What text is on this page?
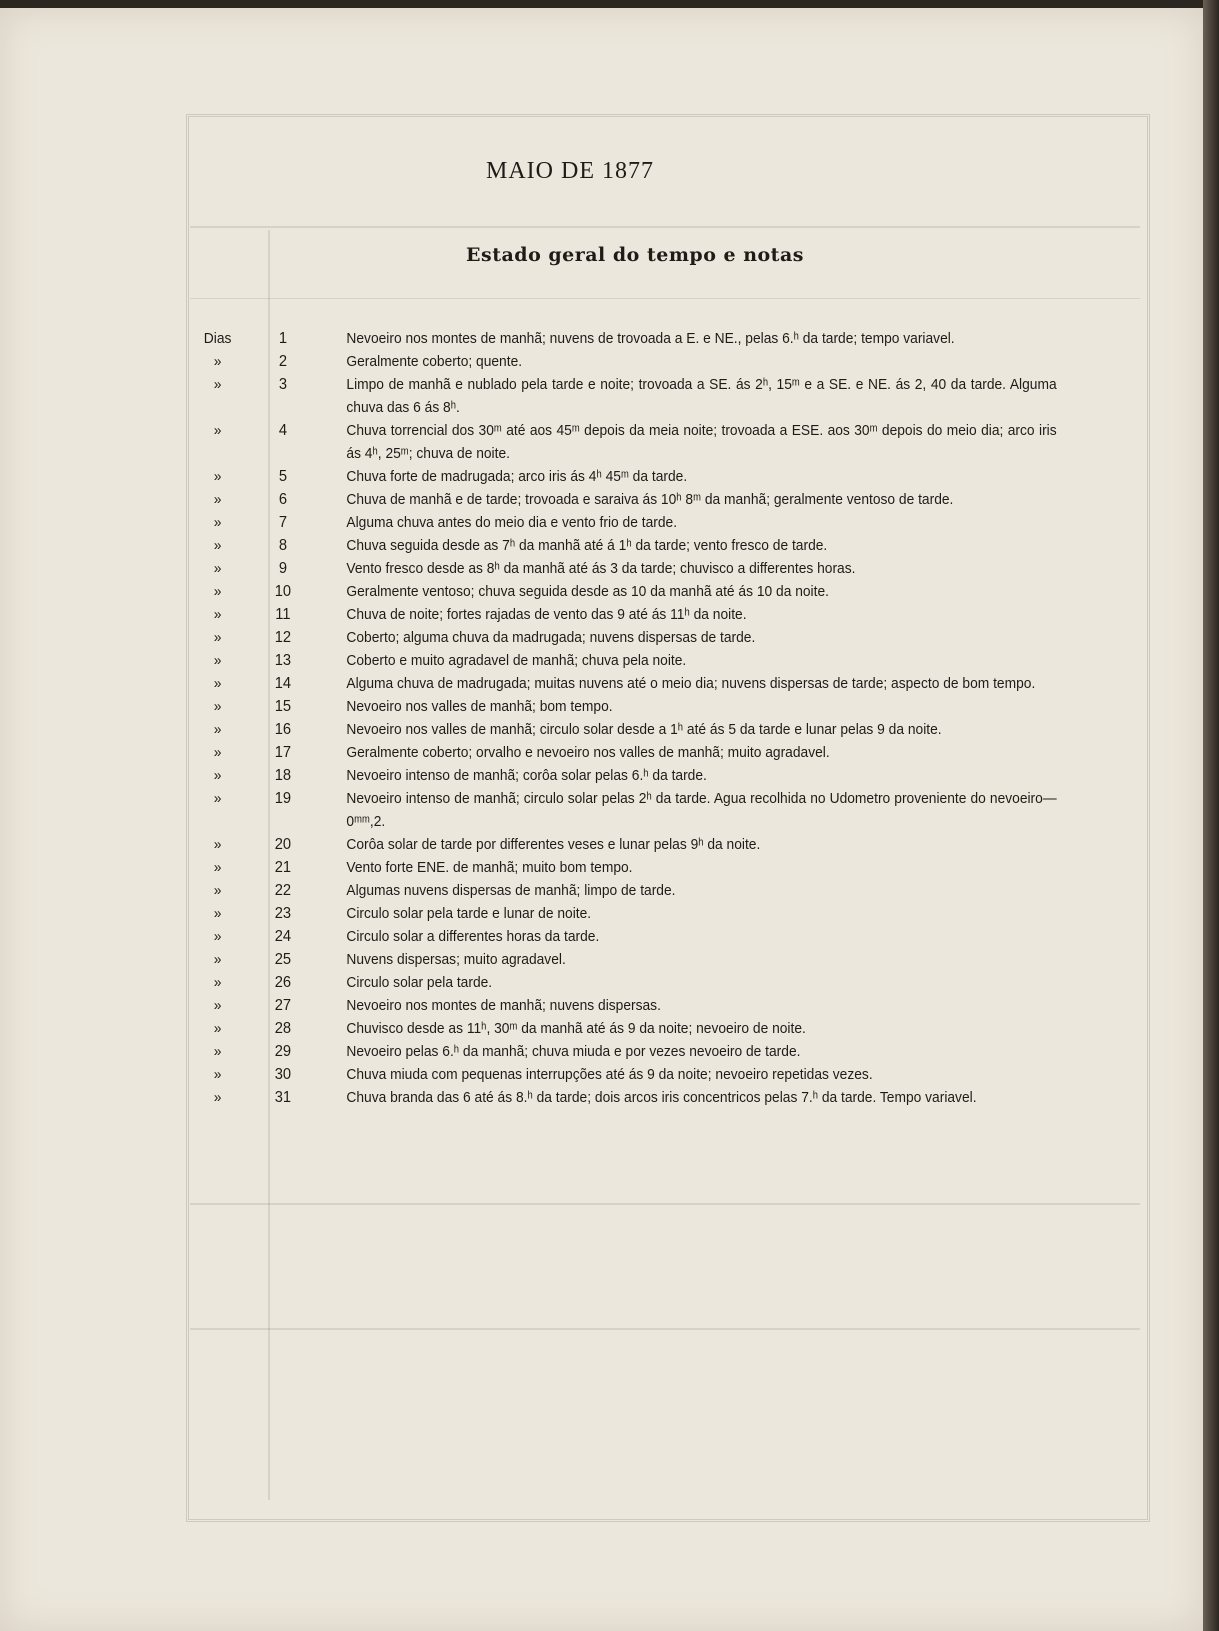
MAIO DE 1877
Estado geral do tempo e notas
Dias	1	Nevoeiro nos montes de manhã; nuvens de trovoada a E. e NE., pelas 6.ʰ da tarde; tempo variavel.
»	2	Geralmente coberto; quente.
»	3	Limpo de manhã e nublado pela tarde e noite; trovoada a SE. ás 2ʰ, 15ᵐ e a SE. e NE. ás 2, 40 da tarde. Alguma chuva das 6 ás 8ʰ.
»	4	Chuva torrencial dos 30ᵐ até aos 45ᵐ depois da meia noite; trovoada a ESE. aos 30ᵐ depois do meio dia; arco iris ás 4ʰ, 25ᵐ; chuva de noite.
»	5	Chuva forte de madrugada; arco iris ás 4ʰ 45ᵐ da tarde.
»	6	Chuva de manhã e de tarde; trovoada e saraiva ás 10ʰ 8ᵐ da manhã; geralmente ventoso de tarde.
»	7	Alguma chuva antes do meio dia e vento frio de tarde.
»	8	Chuva seguida desde as 7ʰ da manhã até á 1ʰ da tarde; vento fresco de tarde.
»	9	Vento fresco desde as 8ʰ da manhã até ás 3 da tarde; chuvisco a differentes horas.
»	10	Geralmente ventoso; chuva seguida desde as 10 da manhã até ás 10 da noite.
»	11	Chuva de noite; fortes rajadas de vento das 9 até ás 11ʰ da noite.
»	12	Coberto; alguma chuva da madrugada; nuvens dispersas de tarde.
»	13	Coberto e muito agradavel de manhã; chuva pela noite.
»	14	Alguma chuva de madrugada; muitas nuvens até o meio dia; nuvens dispersas de tarde; aspecto de bom tempo.
»	15	Nevoeiro nos valles de manhã; bom tempo.
»	16	Nevoeiro nos valles de manhã; circulo solar desde a 1ʰ até ás 5 da tarde e lunar pelas 9 da noite.
»	17	Geralmente coberto; orvalho e nevoeiro nos valles de manhã; muito agradavel.
»	18	Nevoeiro intenso de manhã; corôa solar pelas 6.ʰ da tarde.
»	19	Nevoeiro intenso de manhã; circulo solar pelas 2ʰ da tarde. Agua recolhida no Udometro proveniente do nevoeiro—0ᵐᵐ,2.
»	20	Corôa solar de tarde por differentes veses e lunar pelas 9ʰ da noite.
»	21	Vento forte ENE. de manhã; muito bom tempo.
»	22	Algumas nuvens dispersas de manhã; limpo de tarde.
»	23	Circulo solar pela tarde e lunar de noite.
»	24	Circulo solar a differentes horas da tarde.
»	25	Nuvens dispersas; muito agradavel.
»	26	Circulo solar pela tarde.
»	27	Nevoeiro nos montes de manhã; nuvens dispersas.
»	28	Chuvisco desde as 11ʰ, 30ᵐ da manhã até ás 9 da noite; nevoeiro de noite.
»	29	Nevoeiro pelas 6.ʰ da manhã; chuva miuda e por vezes nevoeiro de tarde.
»	30	Chuva miuda com pequenas interrupções até ás 9 da noite; nevoeiro repetidas vezes.
»	31	Chuva branda das 6 até ás 8.ʰ da tarde; dois arcos iris concentricos pelas 7.ʰ da tarde. Tempo variavel.
